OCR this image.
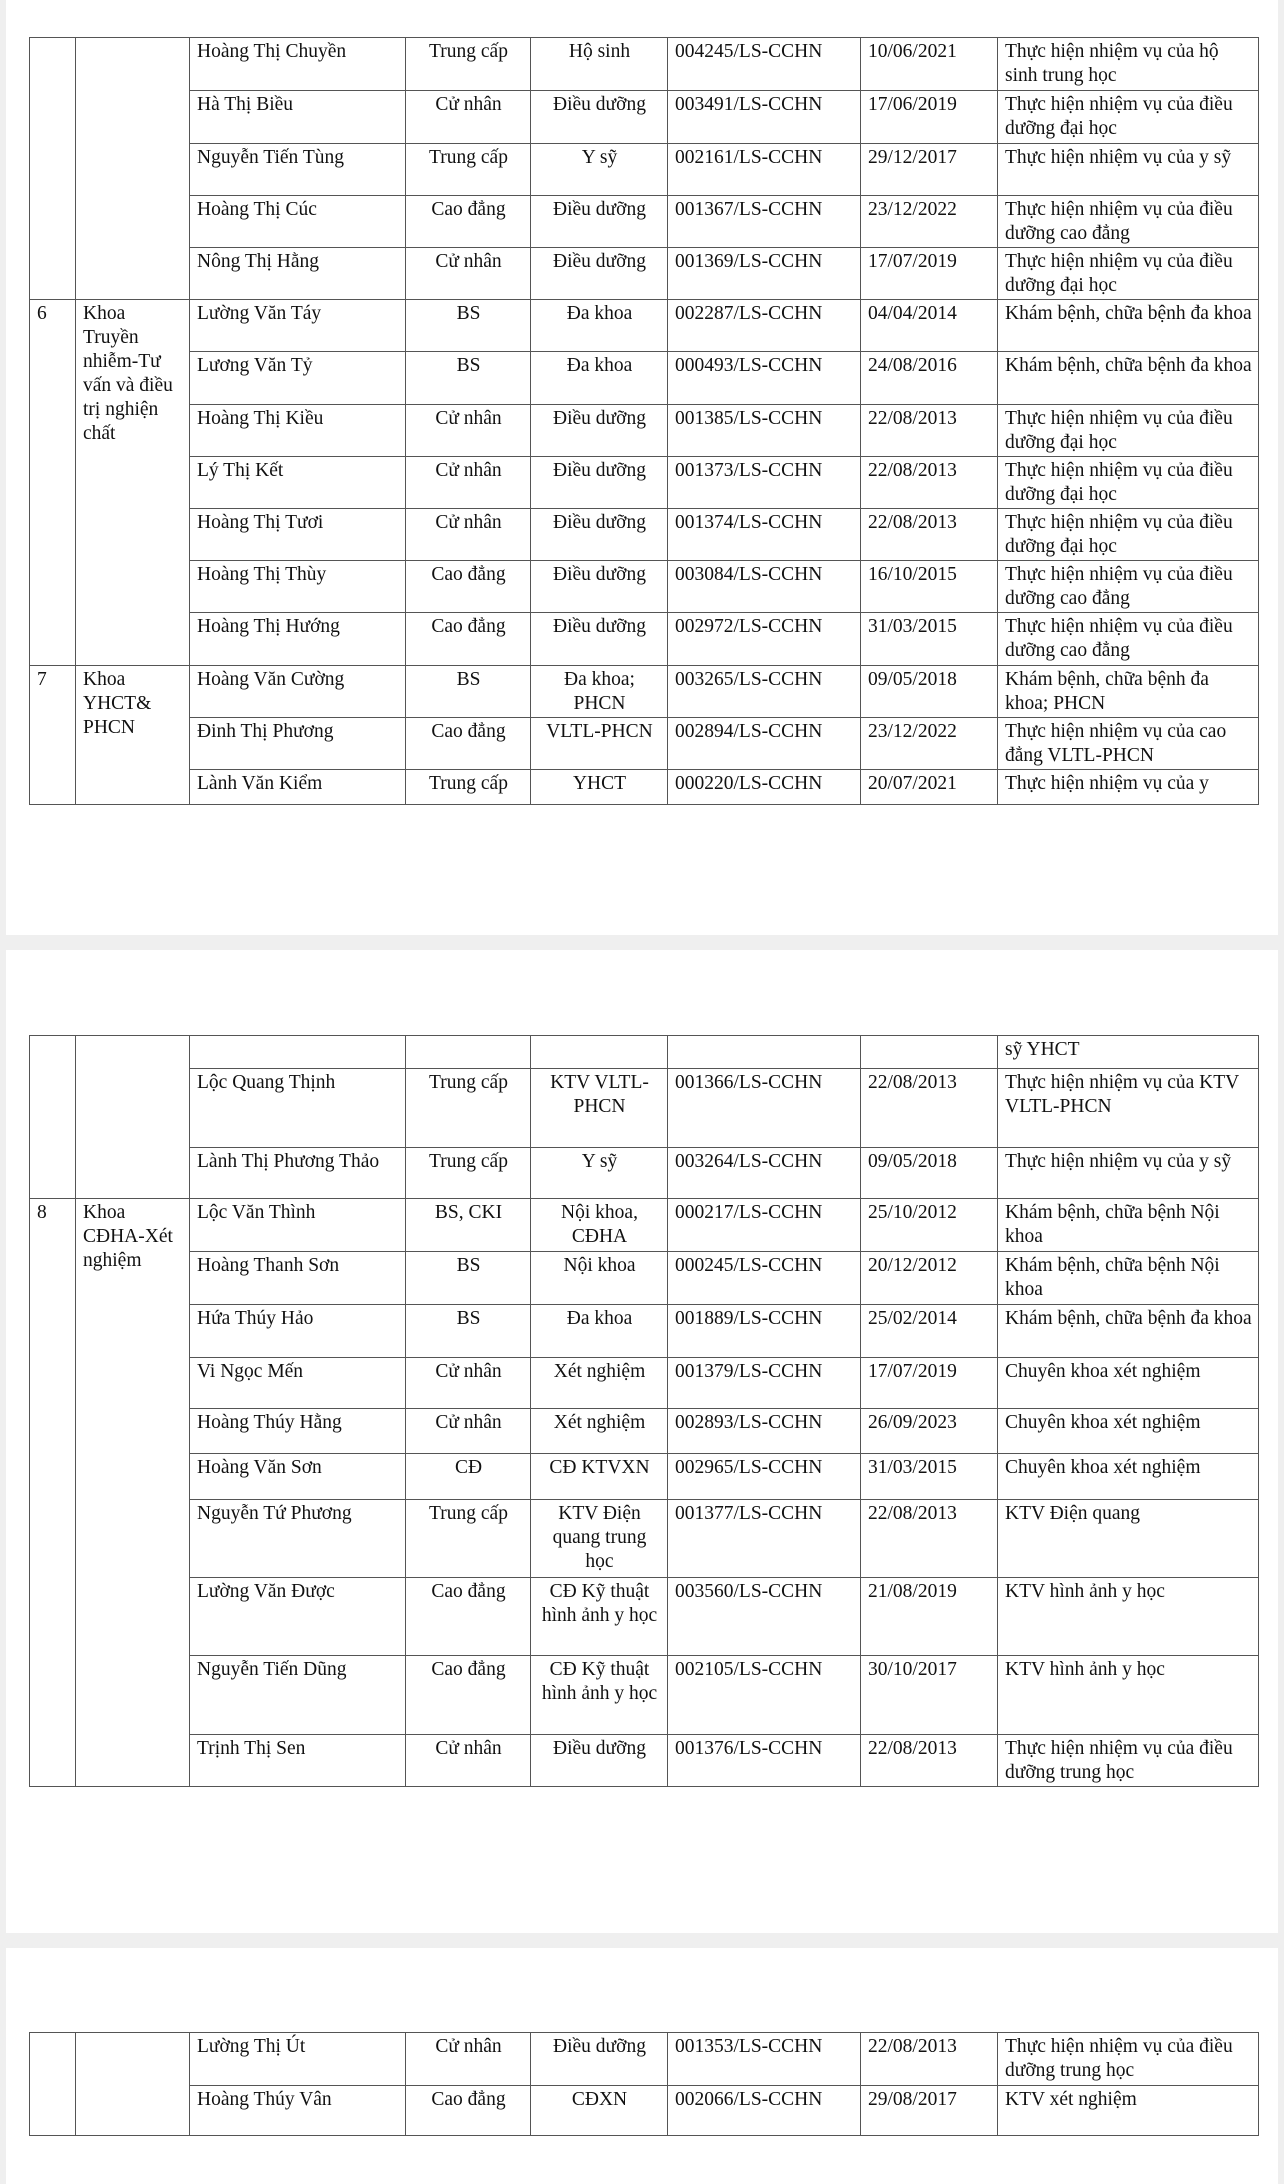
		Hoàng Thị Chuyền	Trung cấp	Hộ sinh	004245/LS-CCHN	10/06/2021	Thực hiện nhiệm vụ của hộ sinh trung học
		Hà Thị Biều	Cử nhân	Điều dưỡng	003491/LS-CCHN	17/06/2019	Thực hiện nhiệm vụ của điều dưỡng đại học
		Nguyễn Tiến Tùng	Trung cấp	Y sỹ	002161/LS-CCHN	29/12/2017	Thực hiện nhiệm vụ của y sỹ
		Hoàng Thị Cúc	Cao đẳng	Điều dưỡng	001367/LS-CCHN	23/12/2022	Thực hiện nhiệm vụ của điều dưỡng cao đẳng
		Nông Thị Hằng	Cử nhân	Điều dưỡng	001369/LS-CCHN	17/07/2019	Thực hiện nhiệm vụ của điều dưỡng đại học
6	Khoa Truyền nhiễm-Tư vấn và điều trị nghiện chất	Lường Văn Táy	BS	Đa khoa	002287/LS-CCHN	04/04/2014	Khám bệnh, chữa bệnh đa khoa
		Lương Văn Tỷ	BS	Đa khoa	000493/LS-CCHN	24/08/2016	Khám bệnh, chữa bệnh đa khoa
		Hoàng Thị Kiều	Cử nhân	Điều dưỡng	001385/LS-CCHN	22/08/2013	Thực hiện nhiệm vụ của điều dưỡng đại học
		Lý Thị Kết	Cử nhân	Điều dưỡng	001373/LS-CCHN	22/08/2013	Thực hiện nhiệm vụ của điều dưỡng đại học
		Hoàng Thị Tươi	Cử nhân	Điều dưỡng	001374/LS-CCHN	22/08/2013	Thực hiện nhiệm vụ của điều dưỡng đại học
		Hoàng Thị Thùy	Cao đẳng	Điều dưỡng	003084/LS-CCHN	16/10/2015	Thực hiện nhiệm vụ của điều dưỡng cao đẳng
		Hoàng Thị Hướng	Cao đẳng	Điều dưỡng	002972/LS-CCHN	31/03/2015	Thực hiện nhiệm vụ của điều dưỡng cao đẳng
7	Khoa YHCT& PHCN	Hoàng Văn Cường	BS	Đa khoa; PHCN	003265/LS-CCHN	09/05/2018	Khám bệnh, chữa bệnh đa khoa; PHCN
		Đinh Thị Phương	Cao đẳng	VLTL-PHCN	002894/LS-CCHN	23/12/2022	Thực hiện nhiệm vụ của cao đẳng VLTL-PHCN
		Lành Văn Kiểm	Trung cấp	YHCT	000220/LS-CCHN	20/07/2021	Thực hiện nhiệm vụ của y
							sỹ YHCT
		Lộc Quang Thịnh	Trung cấp	KTV VLTL-PHCN	001366/LS-CCHN	22/08/2013	Thực hiện nhiệm vụ của KTV VLTL-PHCN
		Lành Thị Phương Thảo	Trung cấp	Y sỹ	003264/LS-CCHN	09/05/2018	Thực hiện nhiệm vụ của y sỹ
8	Khoa CĐHA-Xét nghiệm	Lộc Văn Thình	BS, CKI	Nội khoa, CĐHA	000217/LS-CCHN	25/10/2012	Khám bệnh, chữa bệnh Nội khoa
		Hoàng Thanh Sơn	BS	Nội khoa	000245/LS-CCHN	20/12/2012	Khám bệnh, chữa bệnh Nội khoa
		Hứa Thúy Hảo	BS	Đa khoa	001889/LS-CCHN	25/02/2014	Khám bệnh, chữa bệnh đa khoa
		Vi Ngọc Mến	Cử nhân	Xét nghiệm	001379/LS-CCHN	17/07/2019	Chuyên khoa xét nghiệm
		Hoàng Thúy Hằng	Cử nhân	Xét nghiệm	002893/LS-CCHN	26/09/2023	Chuyên khoa xét nghiệm
		Hoàng Văn Sơn	CĐ	CĐ KTVXN	002965/LS-CCHN	31/03/2015	Chuyên khoa xét nghiệm
		Nguyễn Tứ Phương	Trung cấp	KTV Điện quang trung học	001377/LS-CCHN	22/08/2013	KTV Điện quang
		Lường Văn Được	Cao đẳng	CĐ Kỹ thuật hình ảnh y học	003560/LS-CCHN	21/08/2019	KTV hình ảnh y học
		Nguyễn Tiến Dũng	Cao đẳng	CĐ Kỹ thuật hình ảnh y học	002105/LS-CCHN	30/10/2017	KTV hình ảnh y học
		Trịnh Thị Sen	Cử nhân	Điều dưỡng	001376/LS-CCHN	22/08/2013	Thực hiện nhiệm vụ của điều dưỡng trung học
		Lường Thị Út	Cử nhân	Điều dưỡng	001353/LS-CCHN	22/08/2013	Thực hiện nhiệm vụ của điều dưỡng trung học
		Hoàng Thúy Vân	Cao đẳng	CĐXN	002066/LS-CCHN	29/08/2017	KTV xét nghiệm
